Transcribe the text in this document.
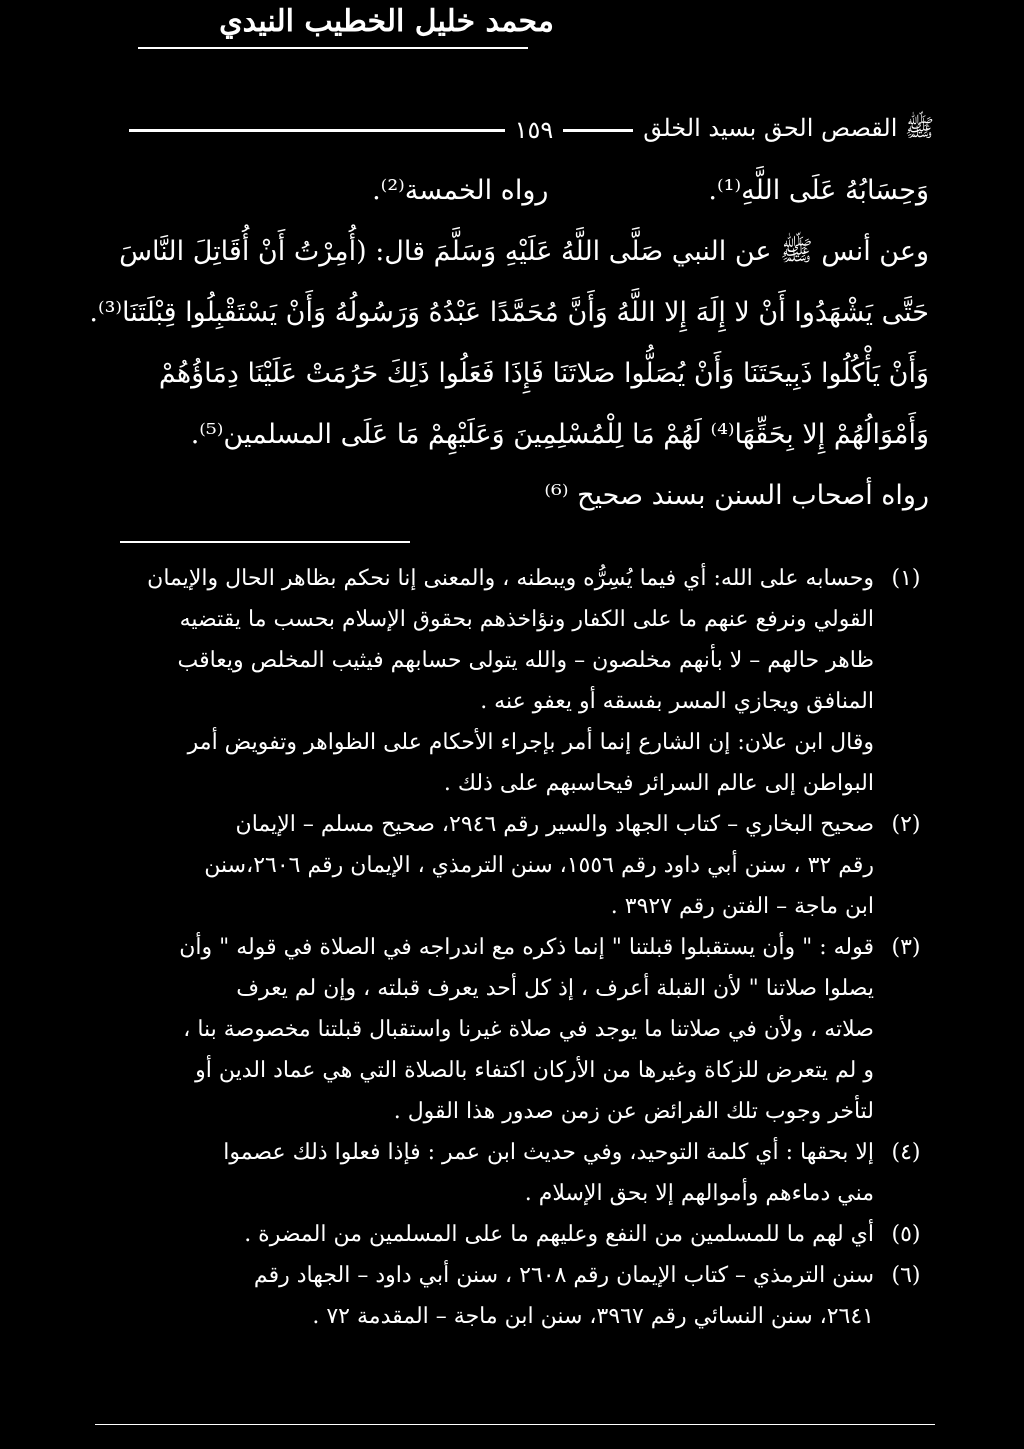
محمد خليل الخطيب النيدي
ﷺ القصص الحق بسيد الخلق
١٥٩
وَحِسَابُهُ عَلَى اللَّهِ⁽¹⁾.
رواه الخمسة⁽²⁾.
وعن أنس ﷺ عن النبي صَلَّى اللَّهُ عَلَيْهِ وَسَلَّمَ قال: (أُمِرْتُ أَنْ أُقَاتِلَ النَّاسَ
حَتَّى يَشْهَدُوا أَنْ لا إِلَهَ إِلا اللَّهُ وَأَنَّ مُحَمَّدًا عَبْدُهُ وَرَسُولُهُ وَأَنْ يَسْتَقْبِلُوا قِبْلَتَنَا⁽³⁾.
وَأَنْ يَأْكُلُوا ذَبِيحَتَنَا وَأَنْ يُصَلُّوا صَلاتَنَا فَإِذَا فَعَلُوا ذَلِكَ حَرُمَتْ عَلَيْنَا دِمَاؤُهُمْ
وَأَمْوَالُهُمْ إِلا بِحَقِّهَا⁽⁴⁾ لَهُمْ مَا لِلْمُسْلِمِينَ وَعَلَيْهِمْ مَا عَلَى المسلمين⁽⁵⁾.
رواه أصحاب السنن بسند صحيح ⁽⁶⁾
(١)
وحسابه على الله: أي فيما يُسِرُّه ويبطنه ، والمعنى إنا نحكم بظاهر الحال والإيمان
القولي ونرفع عنهم ما على الكفار ونؤاخذهم بحقوق الإسلام بحسب ما يقتضيه
ظاهر حالهم – لا بأنهم مخلصون – والله يتولى حسابهم فيثيب المخلص ويعاقب
المنافق ويجازي المسر بفسقه أو يعفو عنه .
وقال ابن علان: إن الشارع إنما أمر بإجراء الأحكام على الظواهر وتفويض أمر
البواطن إلى عالم السرائر فيحاسبهم على ذلك .
(٢)
صحيح البخاري – كتاب الجهاد والسير رقم ٢٩٤٦، صحيح مسلم – الإيمان
رقم ٣٢ ، سنن أبي داود رقم ١٥٥٦، سنن الترمذي ، الإيمان رقم ٢٦٠٦،سنن
ابن ماجة – الفتن رقم ٣٩٢٧ .
(٣)
قوله : " وأن يستقبلوا قبلتنا " إنما ذكره مع اندراجه في الصلاة في قوله " وأن
يصلوا صلاتنا " لأن القبلة أعرف ، إذ كل أحد يعرف قبلته ، وإن لم يعرف
صلاته ، ولأن في صلاتنا ما يوجد في صلاة غيرنا واستقبال قبلتنا مخصوصة بنا ،
و لم يتعرض للزكاة وغيرها من الأركان اكتفاء بالصلاة التي هي عماد الدين أو
لتأخر وجوب تلك الفرائض عن زمن صدور هذا القول .
(٤)
إلا بحقها : أي كلمة التوحيد، وفي حديث ابن عمر : فإذا فعلوا ذلك عصموا
مني دماءهم وأموالهم إلا بحق الإسلام .
(٥)
أي لهم ما للمسلمين من النفع وعليهم ما على المسلمين من المضرة .
(٦)
سنن الترمذي – كتاب الإيمان رقم ٢٦٠٨ ، سنن أبي داود – الجهاد رقم
٢٦٤١، سنن النسائي رقم ٣٩٦٧، سنن ابن ماجة – المقدمة ٧٢ .
